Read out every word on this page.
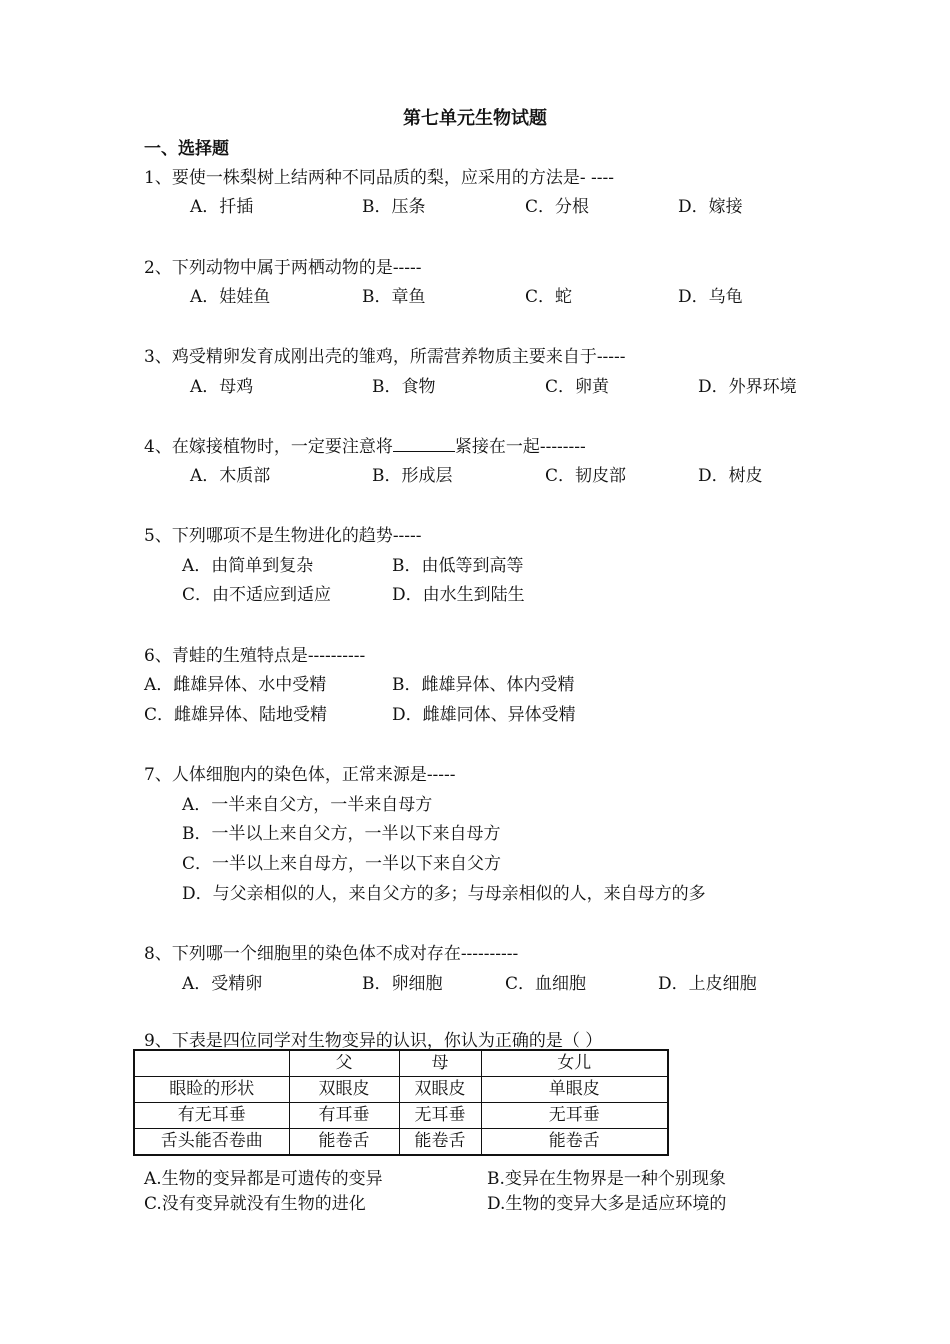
第七单元生物试题
一、选择题
1、要使一株梨树上结两种不同品质的梨，应采用的方法是- ----
A．扦插	B．压条	C．分根	D．嫁接
2、下列动物中属于两栖动物的是-----
A．娃娃鱼	B．章鱼	C．蛇	D．乌龟
3、鸡受精卵发育成刚出壳的雏鸡，所需营养物质主要来自于-----
A．母鸡	B．食物	C．卵黄	D．外界环境
4、在嫁接植物时，一定要注意将	紧接在一起--------
A．木质部	B．形成层	C．韧皮部	D．树皮
5、下列哪项不是生物进化的趋势-----
A．由简单到复杂	B．由低等到高等
C．由不适应到适应	D．由水生到陆生
6、青蛙的生殖特点是----------
A．雌雄异体、水中受精	B．雌雄异体、体内受精
C．雌雄异体、陆地受精	D．雌雄同体、异体受精
7、人体细胞内的染色体，正常来源是-----
A．一半来自父方，一半来自母方
B．一半以上来自父方，一半以下来自母方
C．一半以上来自母方，一半以下来自父方
D．与父亲相似的人，来自父方的多；与母亲相似的人，来自母方的多
8、下列哪一个细胞里的染色体不成对存在----------
A．受精卵	B．卵细胞	C．血细胞	D．上皮细胞
9、下表是四位同学对生物变异的认识，你认为正确的是（ ）
	父	母	女儿
眼睑的形状	双眼皮	双眼皮	单眼皮
有无耳垂	有耳垂	无耳垂	无耳垂
舌头能否卷曲	能卷舌	能卷舌	能卷舌
A.生物的变异都是可遗传的变异	B.变异在生物界是一种个别现象
C.没有变异就没有生物的进化	D.生物的变异大多是适应环境的
